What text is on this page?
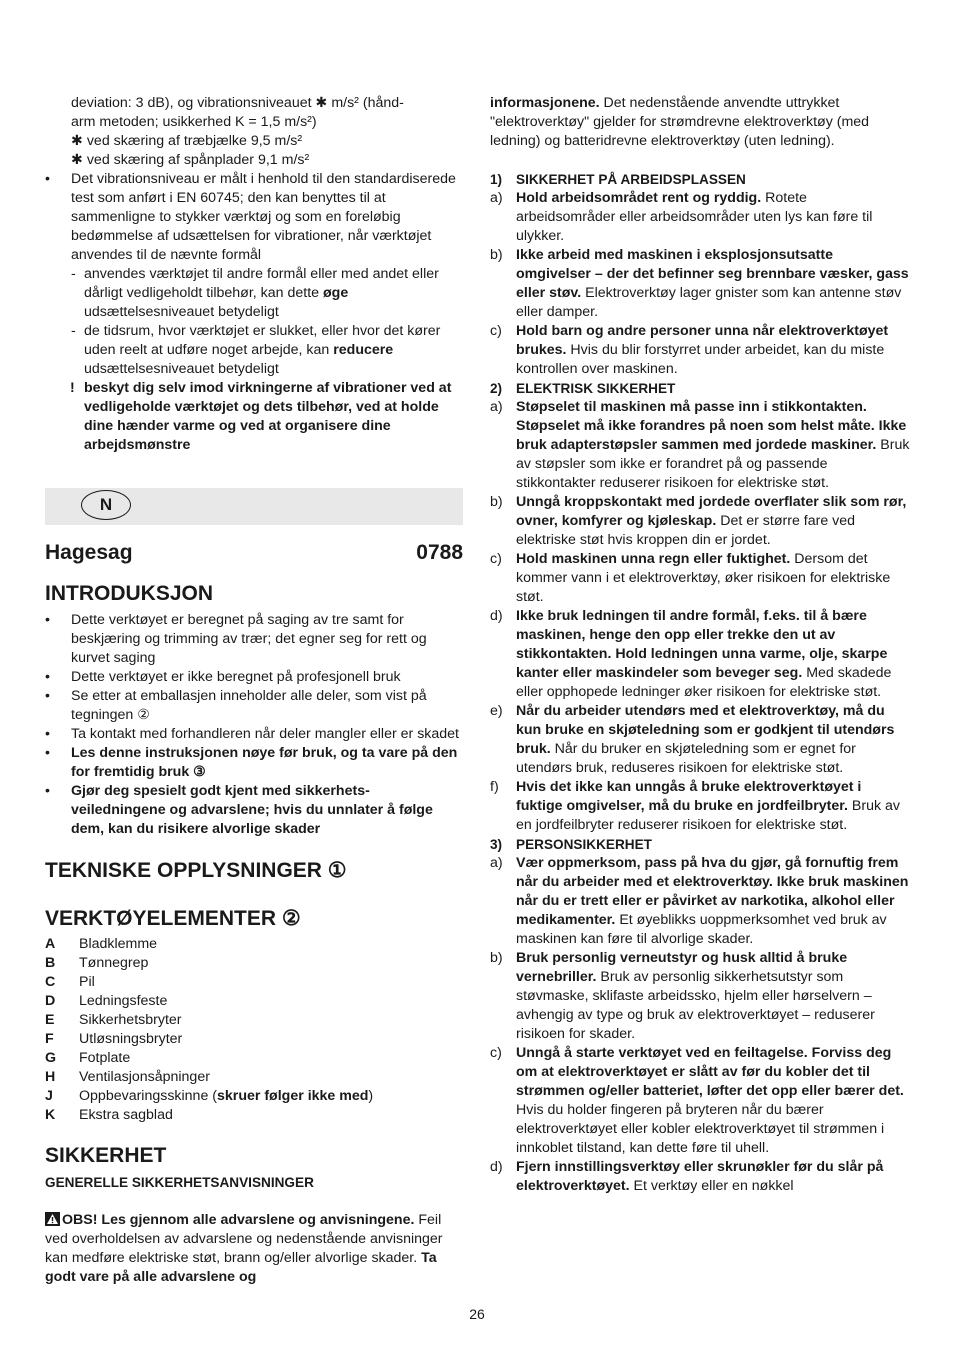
deviation: 3 dB), og vibrationsniveauet ✱ m/s² (hånd-

arm metoden; usikkerhed K = 1,5 m/s²)

✱ ved skæring af træbjælke 9,5 m/s²

✱ ved skæring af spånplader 9,1 m/s²

• Det vibrationsniveau er målt i henhold til den standardiserede test som anført i EN 60745; den kan benyttes til at sammenligne to stykker værktøj og som en foreløbig bedømmelse af udsættelsen for vibrationer, når værktøjet anvendes til de nævnte formål

- anvendes værktøjet til andre formål eller med andet eller dårligt vedligeholdt tilbehør, kan dette øge udsættelsesniveauet betydeligt

- de tidsrum, hvor værktøjet er slukket, eller hvor det kører uden reelt at udføre noget arbejde, kan reducere udsættelsesniveauet betydeligt

! beskyt dig selv imod virkningerne af vibrationer ved at vedligeholde værktøjet og dets tilbehør, ved at holde dine hænder varme og ved at organisere dine arbejdsmønstre

N
Hagesag	0788
INTRODUKSJON
• Dette verktøyet er beregnet på saging av tre samt for beskjæring og trimming av trær; det egner seg for rett og kurvet saging

• Dette verktøyet er ikke beregnet på profesjonell bruk

• Se etter at emballasjen inneholder alle deler, som vist på tegningen ②

• Ta kontakt med forhandleren når deler mangler eller er skadet

• Les denne instruksjonen nøye før bruk, og ta vare på den for fremtidig bruk ③

• Gjør deg spesielt godt kjent med sikkerhets-veiledningene og advarslene; hvis du unnlater å følge dem, kan du risikere alvorlige skader

TEKNISKE OPPLYSNINGER ①
VERKTØYELEMENTER ②
A	Bladklemme
B	Tønnegrep
C	Pil
D	Ledningsfeste
E	Sikkerhetsbryter
F	Utløsningsbryter
G	Fotplate
H	Ventilasjonsåpninger
J	Oppbevaringsskinne (skruer følger ikke med)
K	Ekstra sagblad
SIKKERHET

GENERELLE SIKKERHETSANVISNINGER

OBS! Les gjennom alle advarslene og anvisningene. Feil ved overholdelsen av advarslene og nedenstående anvisninger kan medføre elektriske støt, brann og/eller alvorlige skader. Ta godt vare på alle advarslene og

informasjonene. Det nedenstående anvendte uttrykket "elektroverktøy" gjelder for strømdrevne elektroverktøy (med ledning) og batteridrevne elektroverktøy (uten ledning).

1) SIKKERHET PÅ ARBEIDSPLASSEN
a) Hold arbeidsområdet rent og ryddig. Rotete arbeidsområder eller arbeidsområder uten lys kan føre til ulykker.

b) Ikke arbeid med maskinen i eksplosjonsutsatte omgivelser – der det befinner seg brennbare væsker, gass eller støv. Elektroverktøy lager gnister som kan antenne støv eller damper.

c) Hold barn og andre personer unna når elektroverktøyet brukes. Hvis du blir forstyrret under arbeidet, kan du miste kontrollen over maskinen.

2) ELEKTRISK SIKKERHET
a) Støpselet til maskinen må passe inn i stikkontakten. Støpselet må ikke forandres på noen som helst måte. Ikke bruk adapterstøpsler sammen med jordede maskiner. Bruk av støpsler som ikke er forandret på og passende stikkontakter reduserer risikoen for elektriske støt.

b) Unngå kroppskontakt med jordede overflater slik som rør, ovner, komfyrer og kjøleskap. Det er større fare ved elektriske støt hvis kroppen din er jordet.

c) Hold maskinen unna regn eller fuktighet. Dersom det kommer vann i et elektroverktøy, øker risikoen for elektriske støt.

d) Ikke bruk ledningen til andre formål, f.eks. til å bære maskinen, henge den opp eller trekke den ut av stikkontakten. Hold ledningen unna varme, olje, skarpe kanter eller maskindeler som beveger seg. Med skadede eller opphopede ledninger øker risikoen for elektriske støt.

e) Når du arbeider utendørs med et elektroverktøy, må du kun bruke en skjøteledning som er godkjent til utendørs bruk. Når du bruker en skjøteledning som er egnet for utendørs bruk, reduseres risikoen for elektriske støt.

f) Hvis det ikke kan unngås å bruke elektroverktøyet i fuktige omgivelser, må du bruke en jordfeilbryter. Bruk av en jordfeilbryter reduserer risikoen for elektriske støt.

3) PERSONSIKKERHET
a) Vær oppmerksom, pass på hva du gjør, gå fornuftig frem når du arbeider med et elektroverktøy. Ikke bruk maskinen når du er trett eller er påvirket av narkotika, alkohol eller medikamenter. Et øyeblikks uoppmerksomhet ved bruk av maskinen kan føre til alvorlige skader.

b) Bruk personlig verneutstyr og husk alltid å bruke vernebriller. Bruk av personlig sikkerhetsutstyr som støvmaske, sklifaste arbeidssko, hjelm eller hørselvern – avhengig av type og bruk av elektroverktøyet – reduserer risikoen for skader.

c) Unngå å starte verktøyet ved en feiltagelse. Forviss deg om at elektroverktøyet er slått av før du kobler det til strømmen og/eller batteriet, løfter det opp eller bærer det. Hvis du holder fingeren på bryteren når du bærer elektroverktøyet eller kobler elektroverktøyet til strømmen i innkoblet tilstand, kan dette føre til uhell.

d) Fjern innstillingsverktøy eller skrunøkler før du slår på elektroverktøyet. Et verktøy eller en nøkkel

26
